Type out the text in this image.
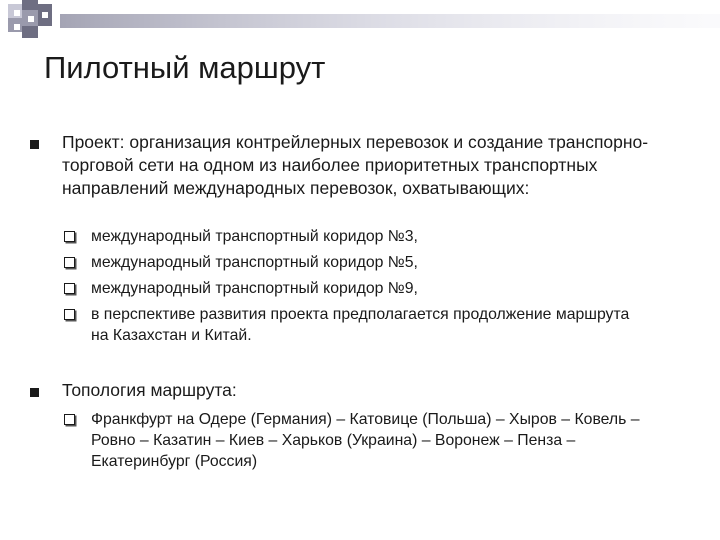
Пилотный маршрут
Проект: организация контрейлерных перевозок и создание транспорно-торговой сети на одном из наиболее приоритетных транспортных направлений международных перевозок, охватывающих:
международный транспортный коридор №3,
международный транспортный коридор №5,
международный транспортный коридор №9,
в перспективе развития проекта предполагается продолжение маршрута на Казахстан и Китай.
Топология маршрута:
Франкфурт на Одере (Германия) – Катовице (Польша) – Хыров – Ковель – Ровно – Казатин – Киев – Харьков (Украина) – Воронеж – Пенза –Екатеринбург (Россия)
